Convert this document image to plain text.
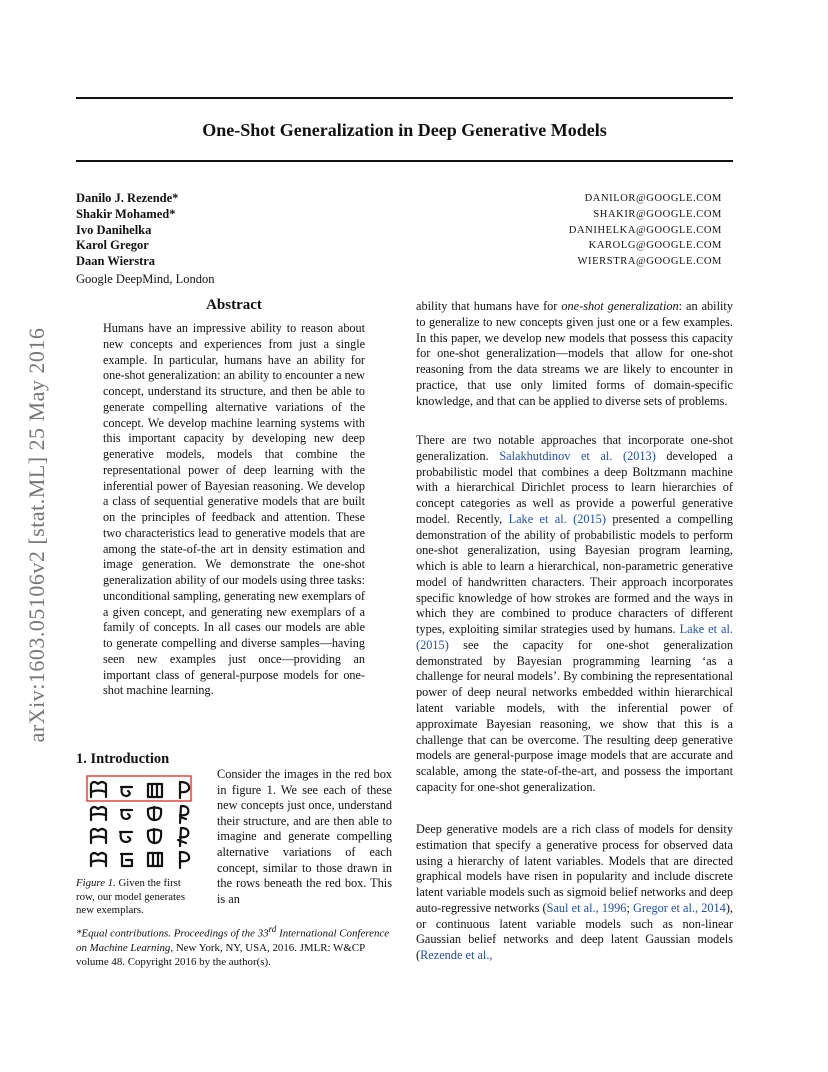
One-Shot Generalization in Deep Generative Models
Danilo J. Rezende*
Shakir Mohamed*
Ivo Danihelka
Karol Gregor
Daan Wierstra
DANILOR@GOOGLE.COM
SHAKIR@GOOGLE.COM
DANIHELKA@GOOGLE.COM
KAROLG@GOOGLE.COM
WIERSTRA@GOOGLE.COM
Google DeepMind, London
arXiv:1603.05106v2 [stat.ML] 25 May 2016
Abstract

Humans have an impressive ability to reason about new concepts and experiences from just a single example. In particular, humans have an ability for one-shot generalization: an ability to encounter a new concept, understand its structure, and then be able to generate compelling alternative variations of the concept. We develop machine learning systems with this important capacity by developing new deep generative models, models that combine the representational power of deep learning with the inferential power of Bayesian reasoning. We develop a class of sequential generative models that are built on the principles of feedback and attention. These two characteristics lead to generative models that are among the state-of-the art in density estimation and image generation. We demonstrate the one-shot generalization ability of our models using three tasks: unconditional sampling, generating new exemplars of a given concept, and generating new exemplars of a family of concepts. In all cases our models are able to generate compelling and diverse samples—having seen new examples just once—providing an important class of general-purpose models for one-shot machine learning.

1. Introduction

Figure 1. Given the first row, our model generates new exemplars.

Consider the images in the red box in figure 1. We see each of these new concepts just once, understand their structure, and are then able to imagine and generate compelling alternative variations of each concept, similar to those drawn in the rows beneath the red box. This is an

*Equal contributions. Proceedings of the 33rd International Conference on Machine Learning, New York, NY, USA, 2016. JMLR: W&CP volume 48. Copyright 2016 by the author(s).

ability that humans have for one-shot generalization: an ability to generalize to new concepts given just one or a few examples. In this paper, we develop new models that possess this capacity for one-shot generalization—models that allow for one-shot reasoning from the data streams we are likely to encounter in practice, that use only limited forms of domain-specific knowledge, and that can be applied to diverse sets of problems.

There are two notable approaches that incorporate one-shot generalization. Salakhutdinov et al. (2013) developed a probabilistic model that combines a deep Boltzmann machine with a hierarchical Dirichlet process to learn hierarchies of concept categories as well as provide a powerful generative model. Recently, Lake et al. (2015) presented a compelling demonstration of the ability of probabilistic models to perform one-shot generalization, using Bayesian program learning, which is able to learn a hierarchical, non-parametric generative model of handwritten characters. Their approach incorporates specific knowledge of how strokes are formed and the ways in which they are combined to produce characters of different types, exploiting similar strategies used by humans. Lake et al. (2015) see the capacity for one-shot generalization demonstrated by Bayesian programming learning ‘as a challenge for neural models’. By combining the representational power of deep neural networks embedded within hierarchical latent variable models, with the inferential power of approximate Bayesian reasoning, we show that this is a challenge that can be overcome. The resulting deep generative models are general-purpose image models that are accurate and scalable, among the state-of-the-art, and possess the important capacity for one-shot generalization.

Deep generative models are a rich class of models for density estimation that specify a generative process for observed data using a hierarchy of latent variables. Models that are directed graphical models have risen in popularity and include discrete latent variable models such as sigmoid belief networks and deep auto-regressive networks (Saul et al., 1996; Gregor et al., 2014), or continuous latent variable models such as non-linear Gaussian belief networks and deep latent Gaussian models (Rezende et al.,
